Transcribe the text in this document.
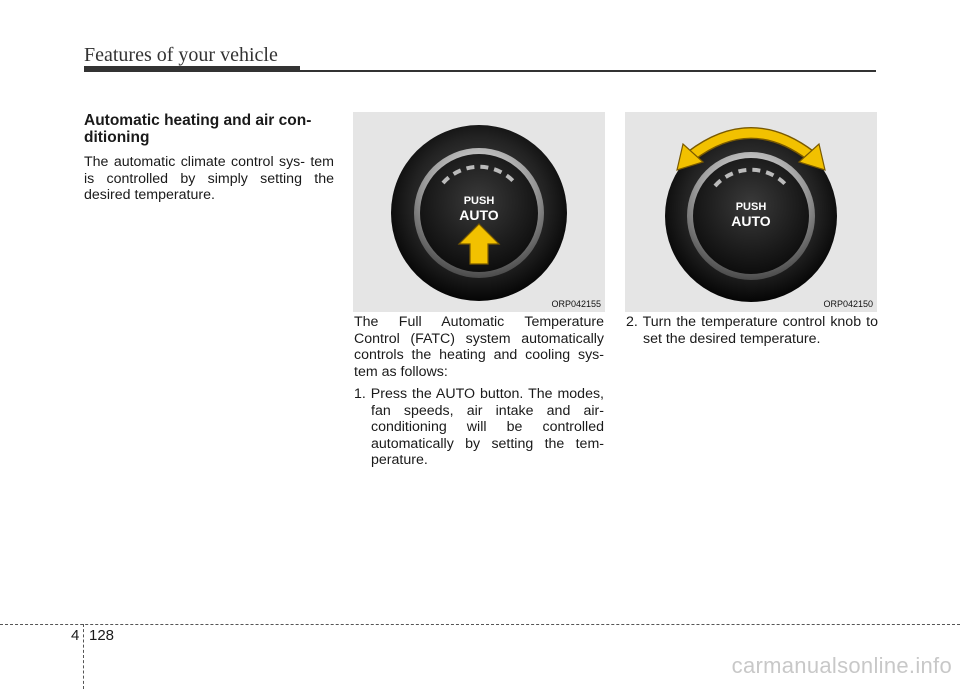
Features of your vehicle
Automatic heating and air con- ditioning

The automatic climate control sys- tem is controlled by simply setting the desired temperature.	PUSH
AUTO
ORP042155
PUSH
AUTO
ORP042150

The Full Automatic Temperature Control (FATC) system automatically controls the heating and cooling sys- tem as follows:

1. Press the AUTO button. The modes, fan speeds, air intake and air-conditioning will be controlled automatically by setting the tem- perature.
2. Turn the temperature control knob to set the desired temperature.
4 128
carmanualsonline.info
